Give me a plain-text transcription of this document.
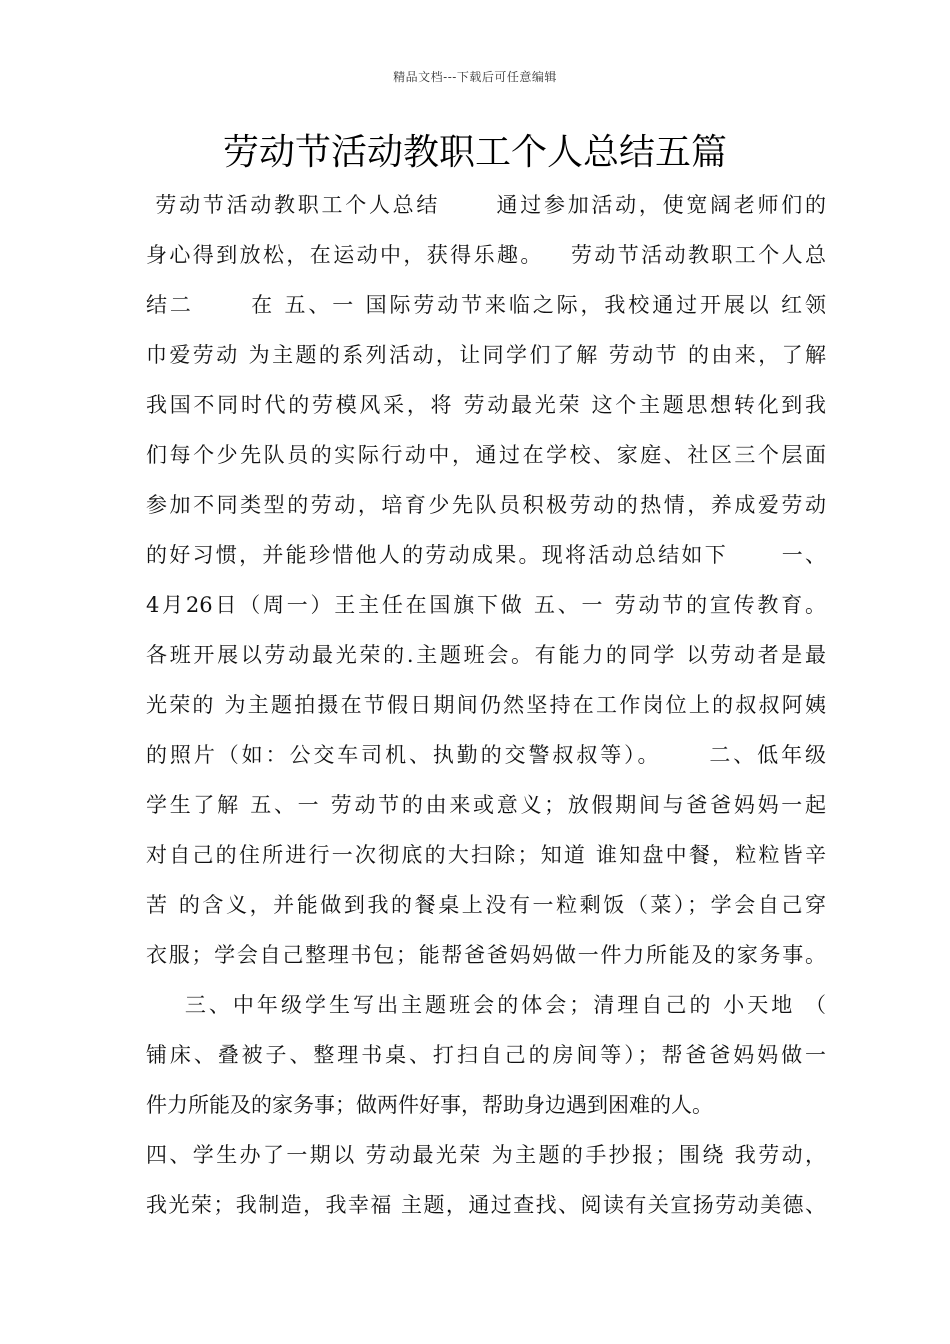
精品文档---下载后可任意编辑
劳动节活动教职工个人总结五篇
劳动节活动教职工个人总结      通过参加活动，使宽阔老师们的
身心得到放松，在运动中，获得乐趣。   劳动节活动教职工个人总
结二      在 五、一 国际劳动节来临之际，我校通过开展以 红领
巾爱劳动 为主题的系列活动，让同学们了解 劳动节 的由来，了解
我国不同时代的劳模风采，将 劳动最光荣 这个主题思想转化到我
们每个少先队员的实际行动中，通过在学校、家庭、社区三个层面
参加不同类型的劳动，培育少先队员积极劳动的热情，养成爱劳动
的好习惯，并能珍惜他人的劳动成果。现将活动总结如下      一、
4月26日（周一）王主任在国旗下做 五、一 劳动节的宣传教育。
各班开展以劳动最光荣的.主题班会。有能力的同学 以劳动者是最
光荣的 为主题拍摄在节假日期间仍然坚持在工作岗位上的叔叔阿姨
的照片（如：公交车司机、执勤的交警叔叔等）。     二、低年级
学生了解 五、一 劳动节的由来或意义；放假期间与爸爸妈妈一起
对自己的住所进行一次彻底的大扫除；知道 谁知盘中餐，粒粒皆辛
苦 的含义，并能做到我的餐桌上没有一粒剩饭（菜）；学会自己穿
衣服；学会自己整理书包；能帮爸爸妈妈做一件力所能及的家务事。
三、中年级学生写出主题班会的体会；清理自己的 小天地 （
铺床、叠被子、整理书桌、打扫自己的房间等）；帮爸爸妈妈做一
件力所能及的家务事；做两件好事，帮助身边遇到困难的人。
四、学生办了一期以 劳动最光荣 为主题的手抄报；围绕 我劳动，
我光荣；我制造，我幸福 主题，通过查找、阅读有关宣扬劳动美德、
